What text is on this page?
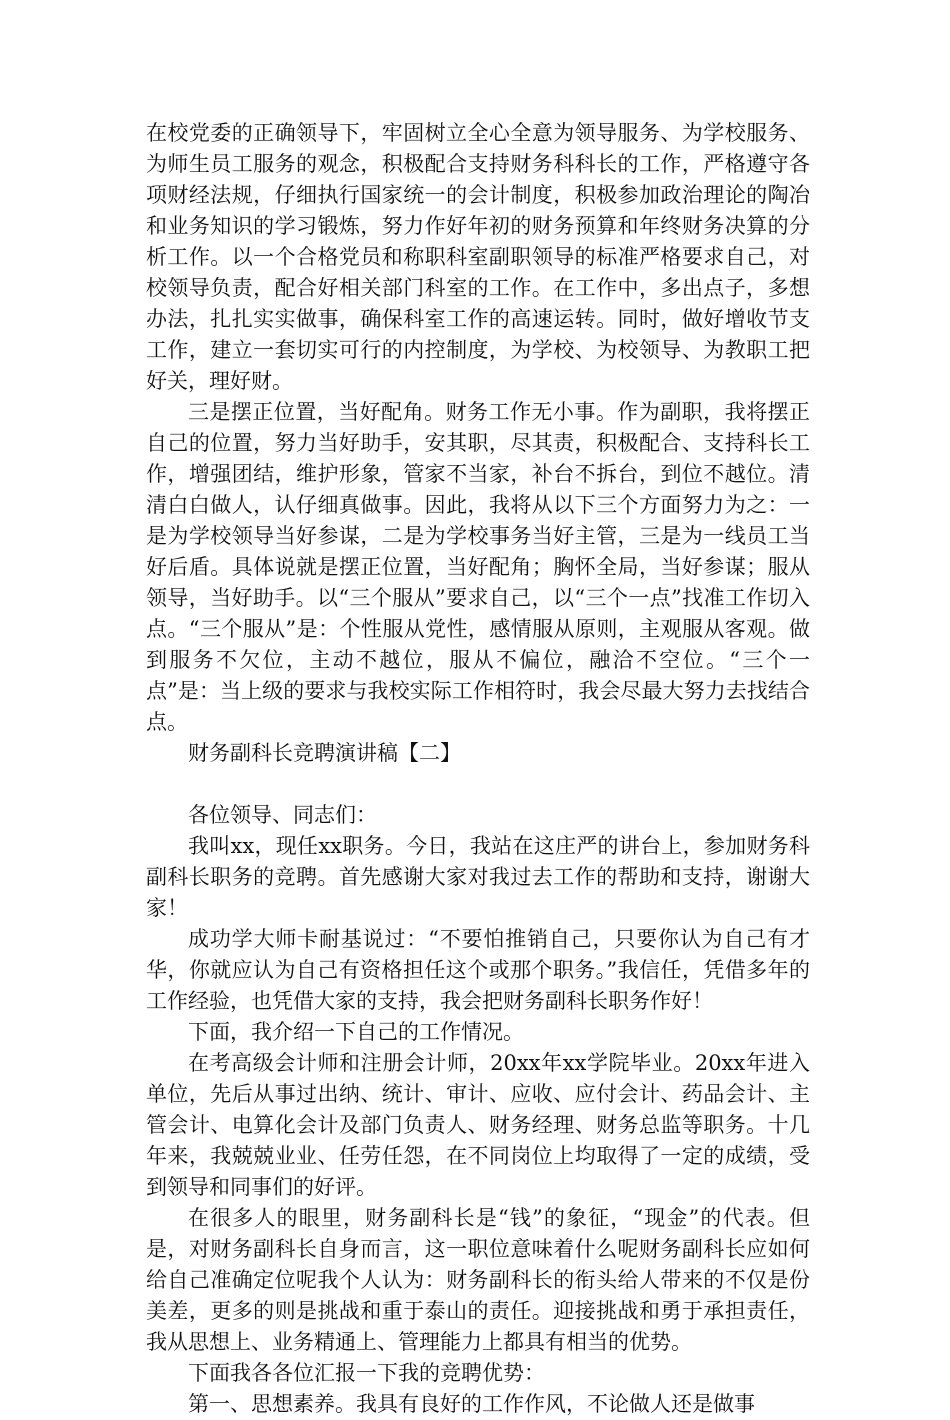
在校党委的正确领导下，牢固树立全心全意为领导服务、为学校服务、为师生员工服务的观念，积极配合支持财务科科长的工作，严格遵守各项财经法规，仔细执行国家统一的会计制度，积极参加政治理论的陶冶和业务知识的学习锻炼，努力作好年初的财务预算和年终财务决算的分析工作。以一个合格党员和称职科室副职领导的标准严格要求自己，对校领导负责，配合好相关部门科室的工作。在工作中，多出点子，多想办法，扎扎实实做事，确保科室工作的高速运转。同时，做好增收节支工作，建立一套切实可行的内控制度，为学校、为校领导、为教职工把好关，理好财。

三是摆正位置，当好配角。财务工作无小事。作为副职，我将摆正自己的位置，努力当好助手，安其职，尽其责，积极配合、支持科长工作，增强团结，维护形象，管家不当家，补台不拆台，到位不越位。清清白白做人，认仔细真做事。因此，我将从以下三个方面努力为之：一是为学校领导当好参谋，二是为学校事务当好主管，三是为一线员工当好后盾。具体说就是摆正位置，当好配角；胸怀全局，当好参谋；服从领导，当好助手。以“三个服从”要求自己，以“三个一点”找准工作切入点。“三个服从”是：个性服从党性，感情服从原则，主观服从客观。做到服务不欠位，主动不越位，服从不偏位，融洽不空位。“三个一点”是：当上级的要求与我校实际工作相符时，我会尽最大努力去找结合点。

财务副科长竞聘演讲稿【二】

各位领导、同志们：

我叫xx，现任xx职务。今日，我站在这庄严的讲台上，参加财务科副科长职务的竞聘。首先感谢大家对我过去工作的帮助和支持，谢谢大家！

成功学大师卡耐基说过：“不要怕推销自己，只要你认为自己有才华，你就应认为自己有资格担任这个或那个职务。”我信任，凭借多年的工作经验，也凭借大家的支持，我会把财务副科长职务作好！

下面，我介绍一下自己的工作情况。

在考高级会计师和注册会计师，20xx年xx学院毕业。20xx年进入单位，先后从事过出纳、统计、审计、应收、应付会计、药品会计、主管会计、电算化会计及部门负责人、财务经理、财务总监等职务。十几年来，我兢兢业业、任劳任怨，在不同岗位上均取得了一定的成绩，受到领导和同事们的好评。

在很多人的眼里，财务副科长是“钱”的象征，“现金”的代表。但是，对财务副科长自身而言，这一职位意味着什么呢财务副科长应如何给自己准确定位呢我个人认为：财务副科长的衔头给人带来的不仅是份美差，更多的则是挑战和重于泰山的责任。迎接挑战和勇于承担责任，我从思想上、业务精通上、管理能力上都具有相当的优势。

下面我各各位汇报一下我的竞聘优势：

第一、思想素养。我具有良好的工作作风，不论做人还是做事
